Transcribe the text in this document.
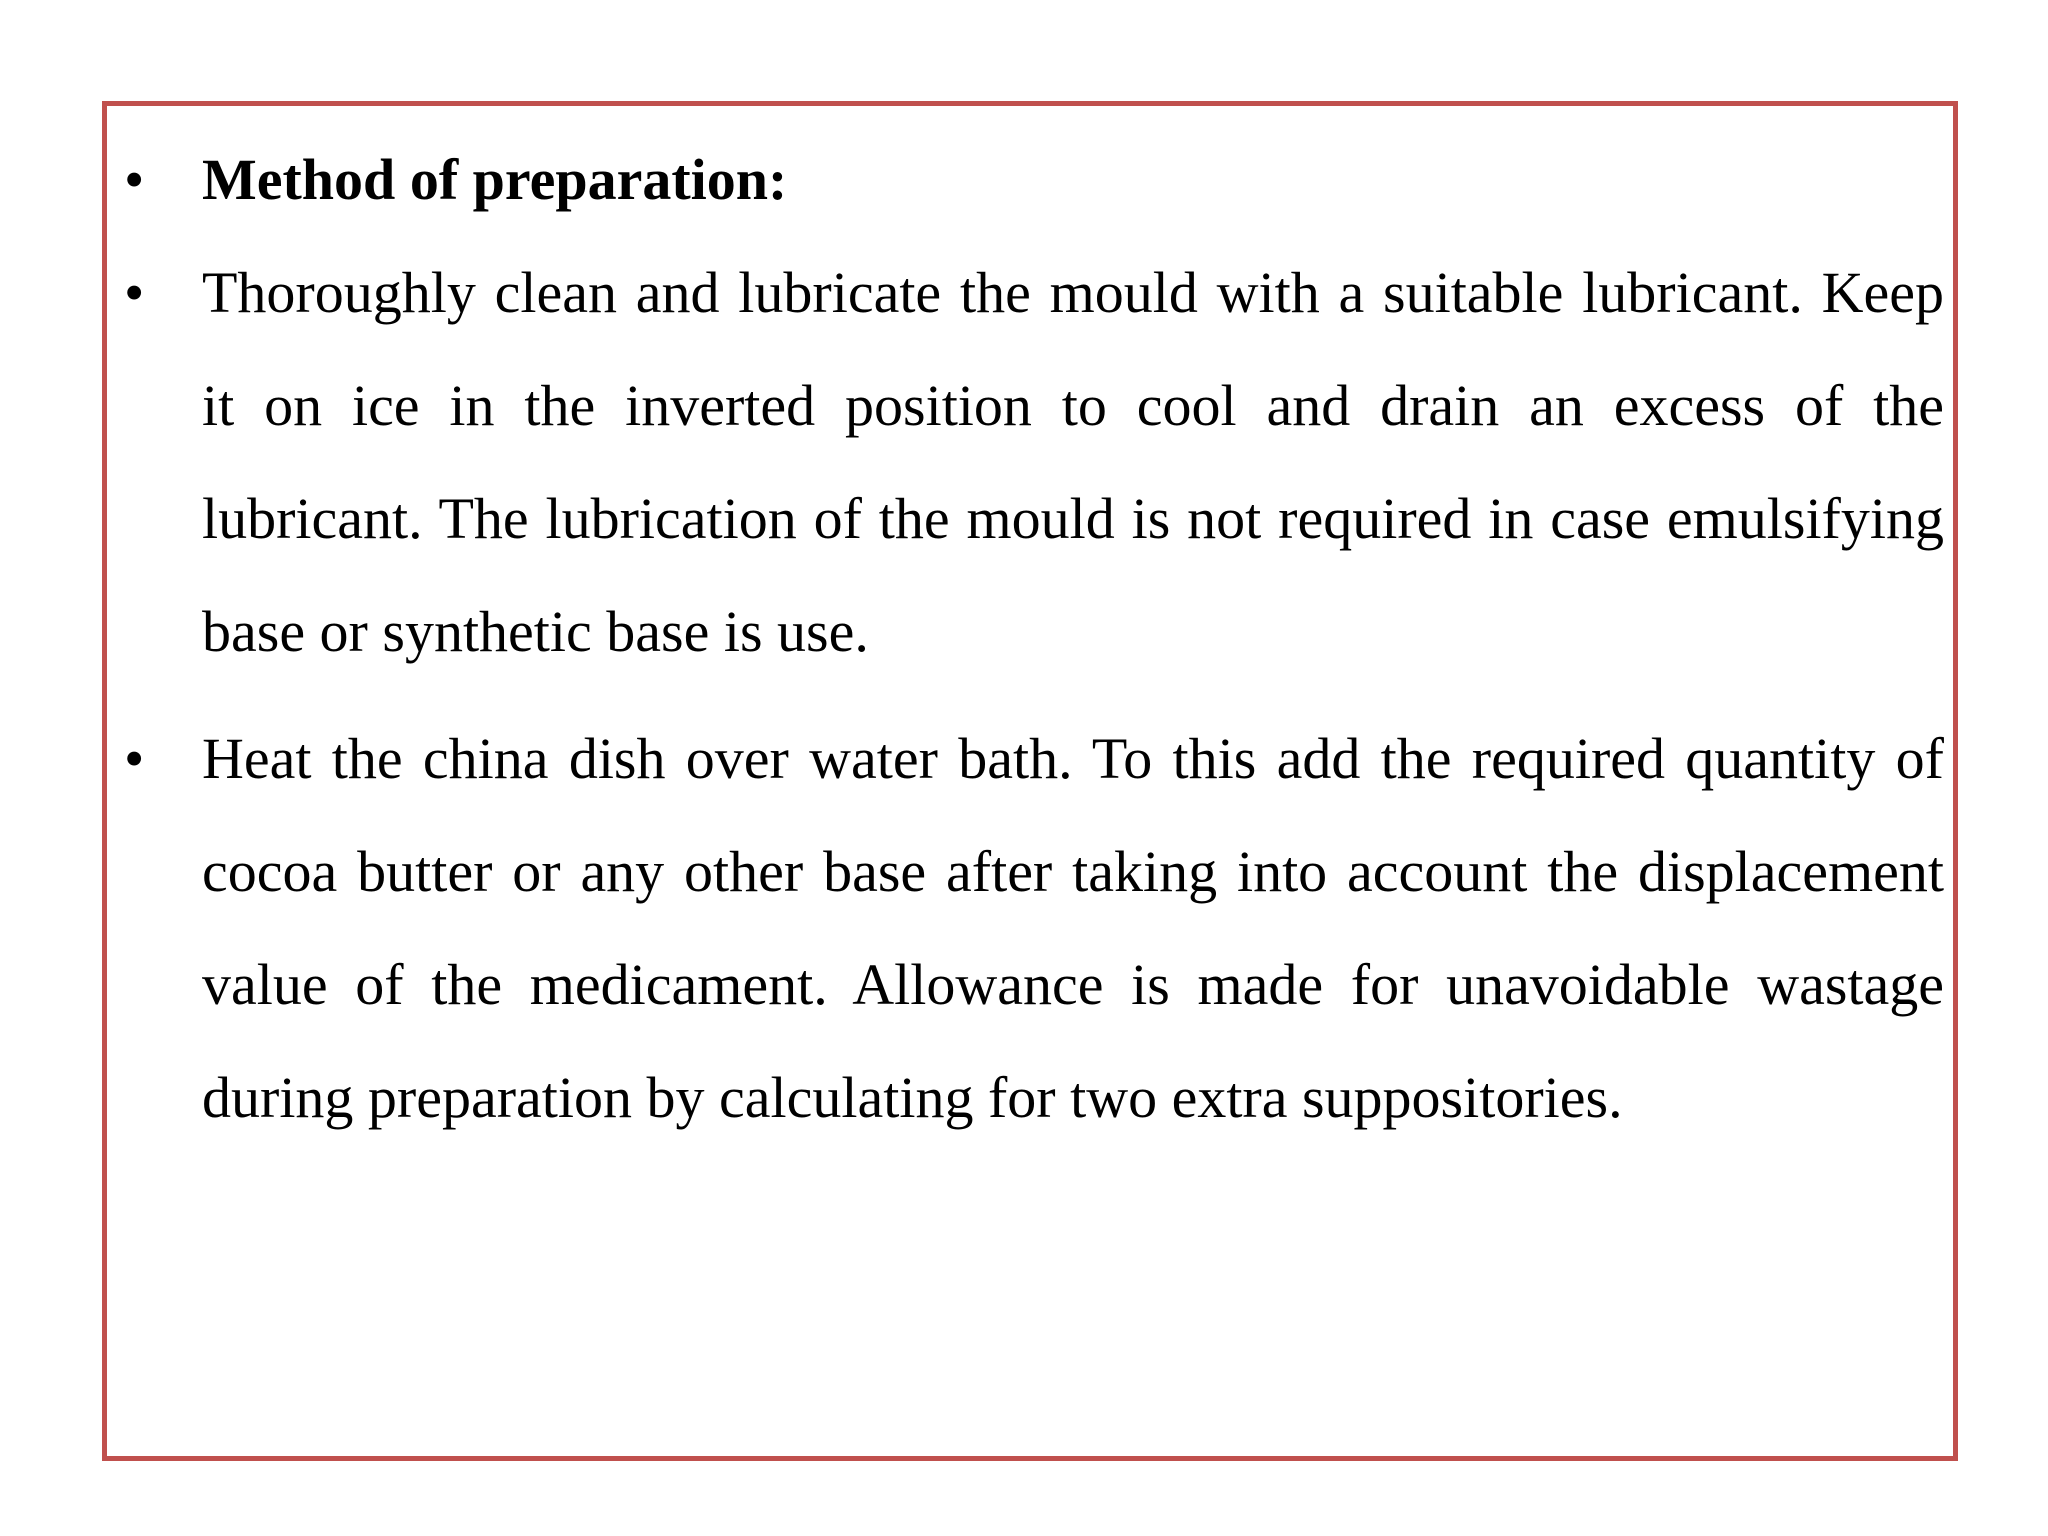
• Method of preparation:
• Thoroughly clean and lubricate the mould with a suitable lubricant. Keep it on ice in the inverted position to cool and drain an excess of the lubricant. The lubrication of the mould is not required in case emulsifying base or synthetic base is use.
• Heat the china dish over water bath. To this add the required quantity of cocoa butter or any other base after taking into account the displacement value of the medicament. Allowance is made for unavoidable wastage during preparation by calculating for two extra suppositories.
